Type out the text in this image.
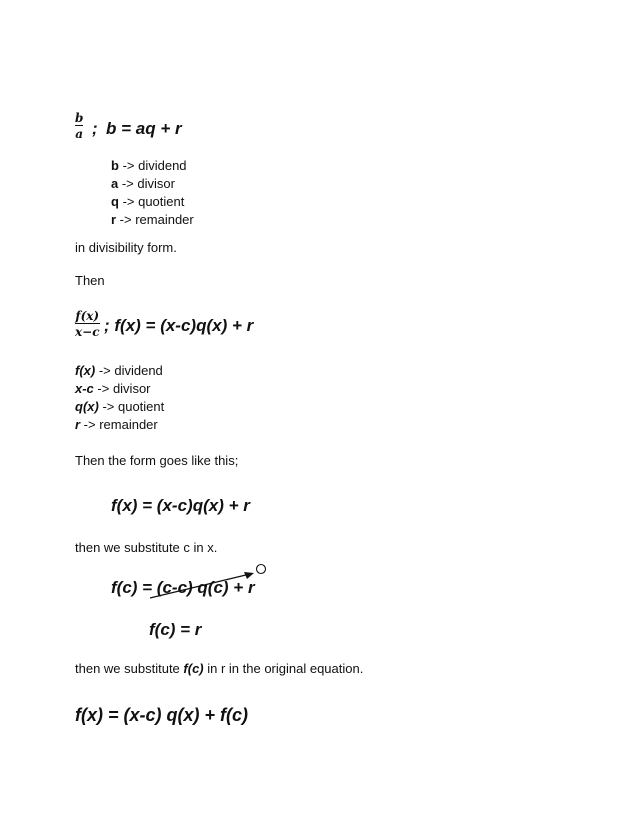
$\frac{b}{a}$ ; b = aq + r
b -> dividend
a -> divisor
q -> quotient
r -> remainder
in divisibility form.
Then
$\frac{f(x)}{x-c}$ ; f(x) = (x-c)q(x) + r
f(x) -> dividend
x-c -> divisor
q(x) -> quotient
r -> remainder
Then the form goes like this;
f(x) = (x-c)q(x) + r
then we substitute c in x.
f(c) = (c-c) q(c) + r
f(c) = r
then we substitute f(c) in r in the original equation.
f(x) = (x-c) q(x) + f(c)
